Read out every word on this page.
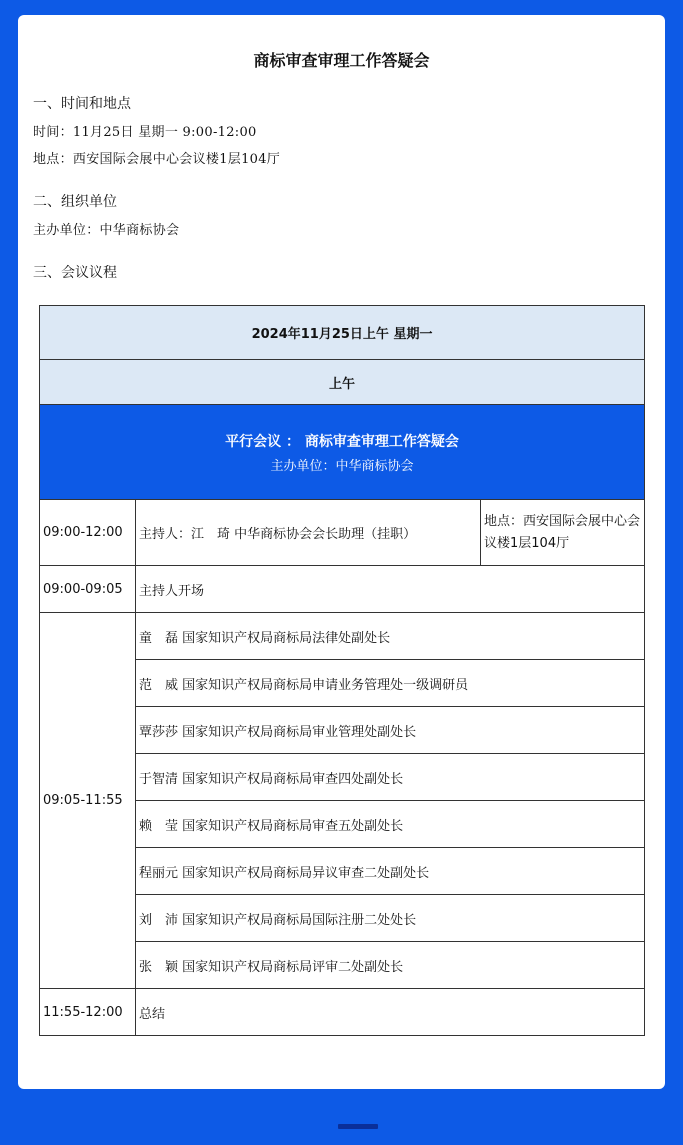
商标审查审理工作答疑会
一、时间和地点
时间：11月25日 星期一 9:00-12:00
地点：西安国际会展中心会议楼1层104厅
二、组织单位
主办单位：中华商标协会
三、会议议程
2024年11月25日上午 星期一		
上午		

平行会议 ： 商标审查审理工作答疑会
主办单位：中华商标协会		

09:00-12:00	主持人：江　琦 中华商标协会会长助理（挂职）	地点：西安国际会展中心会议楼1层104厅
09:00-09:05	主持人开场	
09:05-11:55	童　磊 国家知识产权局商标局法律处副处长	
	范　威 国家知识产权局商标局申请业务管理处一级调研员	
	覃莎莎 国家知识产权局商标局审业管理处副处长	
	于智清 国家知识产权局商标局审查四处副处长	
	赖　莹 国家知识产权局商标局审查五处副处长	
	程丽元 国家知识产权局商标局异议审查二处副处长	
	刘　沛 国家知识产权局商标局国际注册二处处长	
	张　颖 国家知识产权局商标局评审二处副处长	
11:55-12:00	总结	
